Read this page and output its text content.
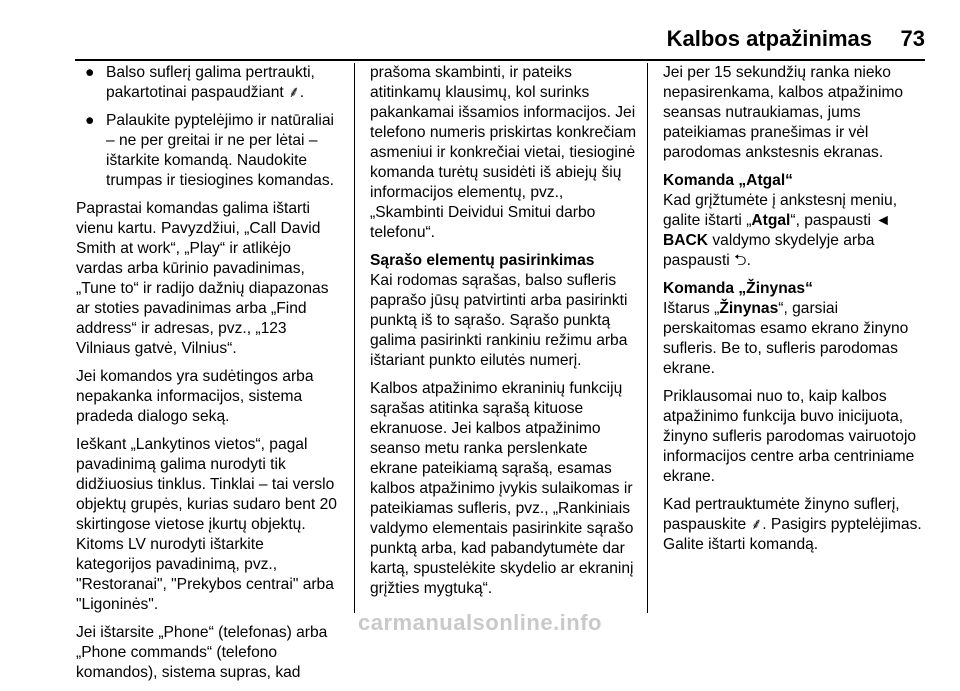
Kalbos atpažinimas 73
● Balso suflerį galima pertraukti, pakartotinai paspaudžiant ⸙.
● Palaukite pyptelėjimo ir natūraliai – ne per greitai ir ne per lėtai – ištarkite komandą. Naudokite trumpas ir tiesiogines komandas.

Paprastai komandas galima ištarti vienu kartu. Pavyzdžiui, „Call David Smith at work“, „Play“ ir atlikėjo vardas arba kūrinio pavadinimas, „Tune to“ ir radijo dažnių diapazonas ar stoties pavadinimas arba „Find address“ ir adresas, pvz., „123 Vilniaus gatvė, Vilnius“.

Jei komandos yra sudėtingos arba nepakanka informacijos, sistema pradeda dialogo seką.

Ieškant „Lankytinos vietos“, pagal pavadinimą galima nurodyti tik didžiuosius tinklus. Tinklai – tai verslo objektų grupės, kurias sudaro bent 20 skirtingose vietose įkurtų objektų. Kitoms LV nurodyti ištarkite kategorijos pavadinimą, pvz., "Restoranai", "Prekybos centrai" arba "Ligoninės".

Jei ištarsite „Phone“ (telefonas) arba „Phone commands“ (telefono komandos), sistema supras, kad

prašoma skambinti, ir pateiks atitinkamų klausimų, kol surinks pakankamai išsamios informacijos. Jei telefono numeris priskirtas konkrečiam asmeniui ir konkrečiai vietai, tiesioginė komanda turėtų susidėti iš abiejų šių informacijos elementų, pvz., „Skambinti Deividui Smitui darbo telefonu“.

Sąrašo elementų pasirinkimas

Kai rodomas sąrašas, balso sufleris paprašo jūsų patvirtinti arba pasirinkti punktą iš to sąrašo. Sąrašo punktą galima pasirinkti rankiniu režimu arba ištariant punkto eilutės numerį.

Kalbos atpažinimo ekraninių funkcijų sąrašas atitinka sąrašą kituose ekranuose. Jei kalbos atpažinimo seanso metu ranka perslenkate ekrane pateikiamą sąrašą, esamas kalbos atpažinimo įvykis sulaikomas ir pateikiamas sufleris, pvz., „Rankiniais valdymo elementais pasirinkite sąrašo punktą arba, kad pabandytumėte dar kartą, spustelėkite skydelio ar ekraninį grįžties mygtuką“.

Jei per 15 sekundžių ranka nieko nepasirenkama, kalbos atpažinimo seansas nutraukiamas, jums pateikiamas pranešimas ir vėl parodomas ankstesnis ekranas.

Komanda „Atgal“

Kad grįžtumėte į ankstesnį meniu, galite ištarti „Atgal“, paspausti ◄
BACK valdymo skydelyje arba paspausti ⮌.

Komanda „Žinynas“

Ištarus „Žinynas“, garsiai perskaitomas esamo ekrano žinyno sufleris. Be to, sufleris parodomas ekrane.

Priklausomai nuo to, kaip kalbos atpažinimo funkcija buvo inicijuota, žinyno sufleris parodomas vairuotojo informacijos centre arba centriniame ekrane.

Kad pertrauktumėte žinyno suflerį, paspauskite ⸙. Pasigirs pyptelėjimas. Galite ištarti komandą.

carmanualsonline.info
